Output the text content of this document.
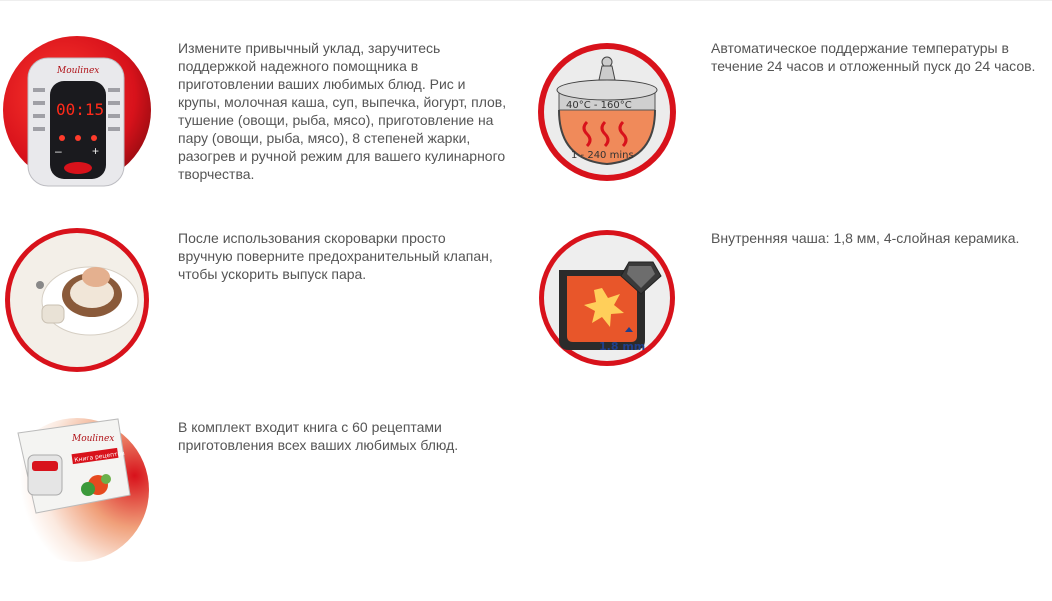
Moulinex
00:15
–	+
Измените привычный уклад, заручитесь поддержкой надежного помощника в приготовлении ваших любимых блюд. Рис и крупы, молочная каша, суп, выпечка, йогурт, плов, тушение (овощи, рыба, мясо), приготовление на пару (овощи, рыба, мясо), 8 степеней жарки, разогрев и ручной режим для вашего кулинарного творчества.
40°C - 160°C
1 - 240 mins
Автоматическое поддержание температуры в течение 24 часов и отложенный пуск до 24 часов.
После использования скороварки просто вручную поверните предохранительный клапан, чтобы ускорить выпуск пара.
1.8 mm
Внутренняя чаша: 1,8 мм, 4-слойная керамика.
Moulinex
Книга рецептов
В комплект входит книга с 60 рецептами приготовления всех ваших любимых блюд.
